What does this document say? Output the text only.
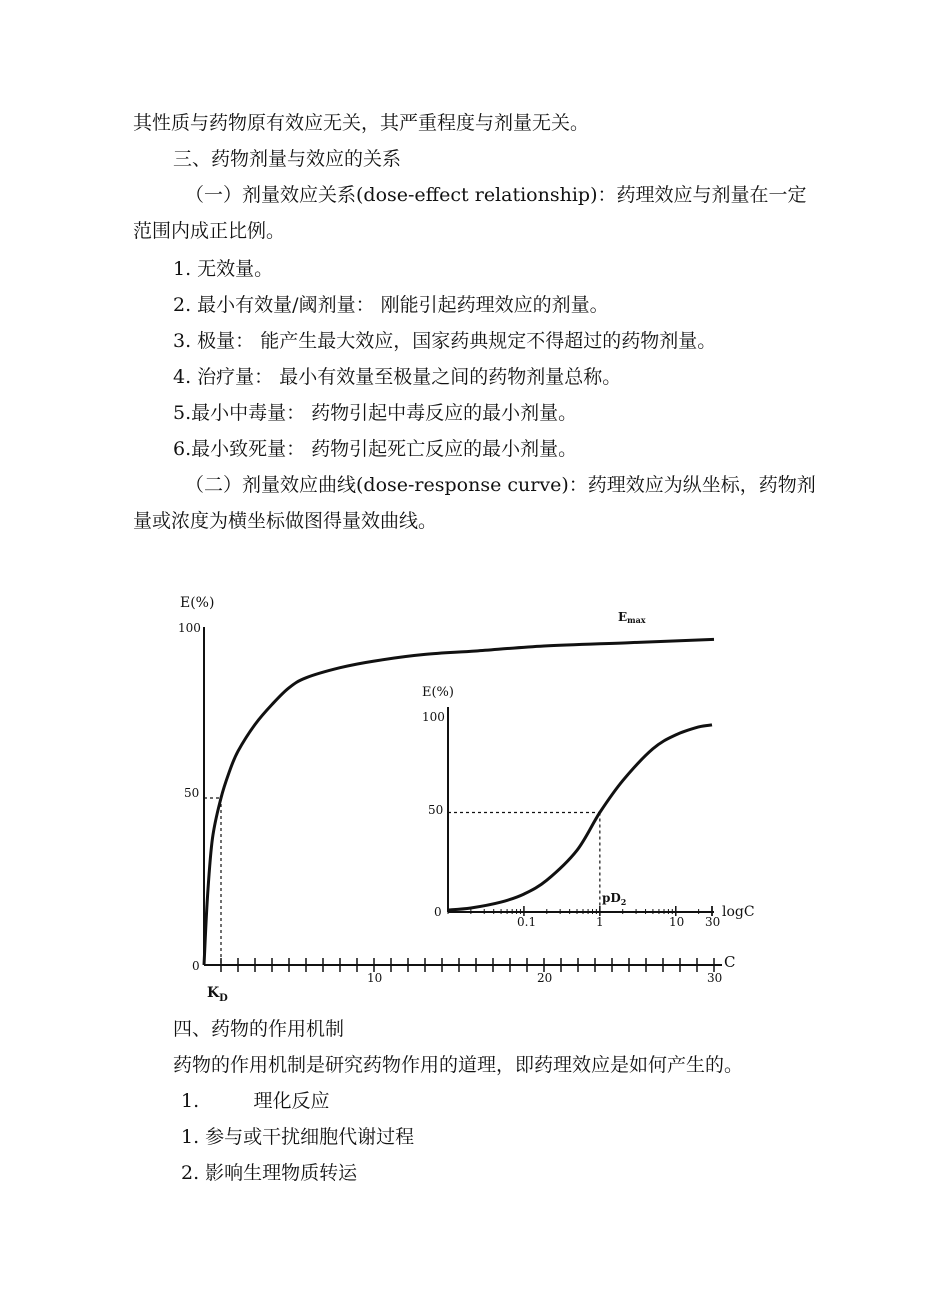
其性质与药物原有效应无关，其严重程度与剂量无关。
三、药物剂量与效应的关系
（一）剂量效应关系(dose-effect relationship)：药理效应与剂量在一定
范围内成正比例。
1. 无效量。
2. 最小有效量/阈剂量： 刚能引起药理效应的剂量。
3. 极量： 能产生最大效应，国家药典规定不得超过的药物剂量。
4. 治疗量： 最小有效量至极量之间的药物剂量总称。
5.最小中毒量： 药物引起中毒反应的最小剂量。
6.最小致死量： 药物引起死亡反应的最小剂量。
（二）剂量效应曲线(dose-response curve)：药理效应为纵坐标，药物剂
量或浓度为横坐标做图得量效曲线。
E(%)
C
100
50
0
10	20	30
$K_D$
Emax
E(%)
logC
100
50
0
0.1	1	10 30
$pD_2$
四、药物的作用机制
药物的作用机制是研究药物作用的道理，即药理效应是如何产生的。
1.         理化反应
1. 参与或干扰细胞代谢过程
2. 影响生理物质转运
